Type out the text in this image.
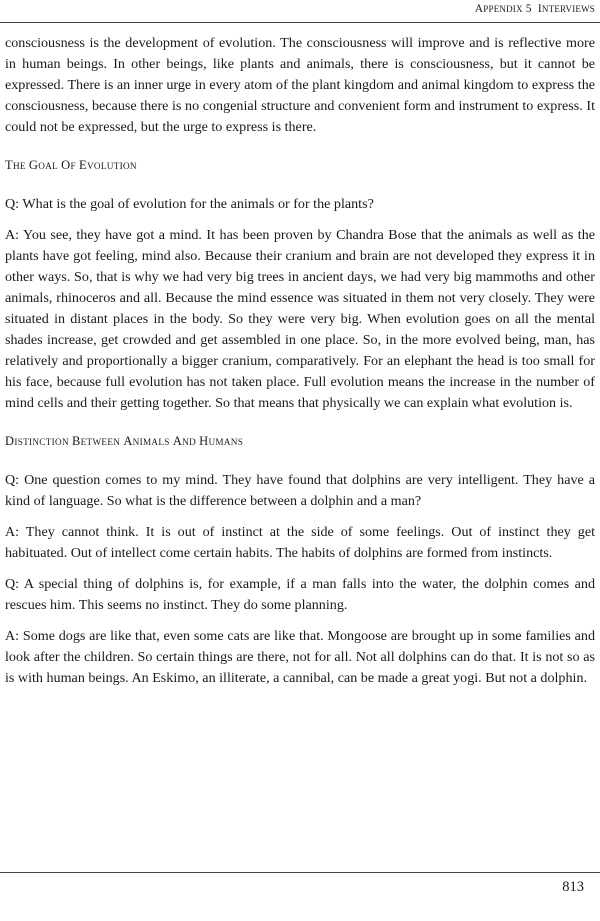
APPENDIX 5 INTERVIEWS

consciousness is the development of evolution. The consciousness will improve and is reflective more in human beings. In other beings, like plants and animals, there is consciousness, but it cannot be expressed. There is an inner urge in every atom of the plant kingdom and animal kingdom to express the consciousness, because there is no congenial structure and convenient form and instrument to express. It could not be expressed, but the urge to express is there.

THE GOAL OF EVOLUTION

Q: What is the goal of evolution for the animals or for the plants?

A: You see, they have got a mind. It has been proven by Chandra Bose that the animals as well as the plants have got feeling, mind also. Because their cranium and brain are not developed they express it in other ways. So, that is why we had very big trees in ancient days, we had very big mammoths and other animals, rhinoceros and all. Because the mind essence was situated in them not very closely. They were situated in distant places in the body. So they were very big. When evolution goes on all the mental shades increase, get crowded and get assembled in one place. So, in the more evolved being, man, has relatively and proportionally a bigger cranium, comparatively. For an elephant the head is too small for his face, because full evolution has not taken place. Full evolution means the increase in the number of mind cells and their getting together. So that means that physically we can explain what evolution is.

DISTINCTION BETWEEN ANIMALS AND HUMANS

Q: One question comes to my mind. They have found that dolphins are very intelligent. They have a kind of language. So what is the difference between a dolphin and a man?

A: They cannot think. It is out of instinct at the side of some feelings. Out of instinct they get habituated. Out of intellect come certain habits. The habits of dolphins are formed from instincts.

Q: A special thing of dolphins is, for example, if a man falls into the water, the dolphin comes and rescues him. This seems no instinct. They do some planning.

A: Some dogs are like that, even some cats are like that. Mongoose are brought up in some families and look after the children. So certain things are there, not for all. Not all dolphins can do that. It is not so as is with human beings. An Eskimo, an illiterate, a cannibal, can be made a great yogi. But not a dolphin.

813
